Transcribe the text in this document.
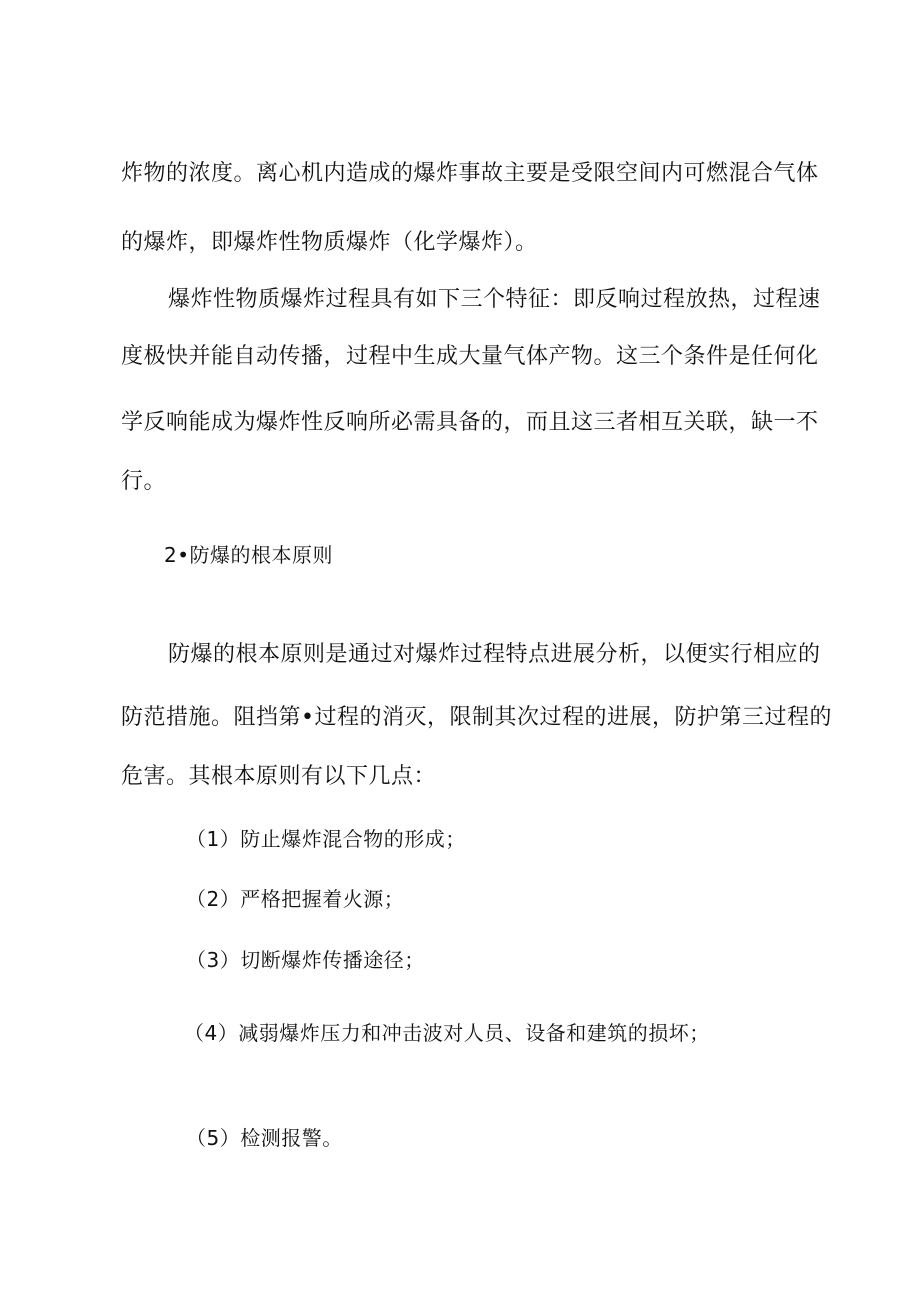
炸物的浓度。离心机内造成的爆炸事故主要是受限空间内可燃混合气体
的爆炸，即爆炸性物质爆炸（化学爆炸）。
爆炸性物质爆炸过程具有如下三个特征：即反响过程放热，过程速
度极快并能自动传播，过程中生成大量气体产物。这三个条件是任何化
学反响能成为爆炸性反响所必需具备的，而且这三者相互关联，缺一不
行。
2•防爆的根本原则
防爆的根本原则是通过对爆炸过程特点进展分析，以便实行相应的
防范措施。阻挡第•过程的消灭，限制其次过程的进展，防护第三过程的
危害。其根本原则有以下几点：
（1）防止爆炸混合物的形成；
（2）严格把握着火源；
（3）切断爆炸传播途径；
（4）减弱爆炸压力和冲击波对人员、设备和建筑的损坏；
（5）检测报警。
